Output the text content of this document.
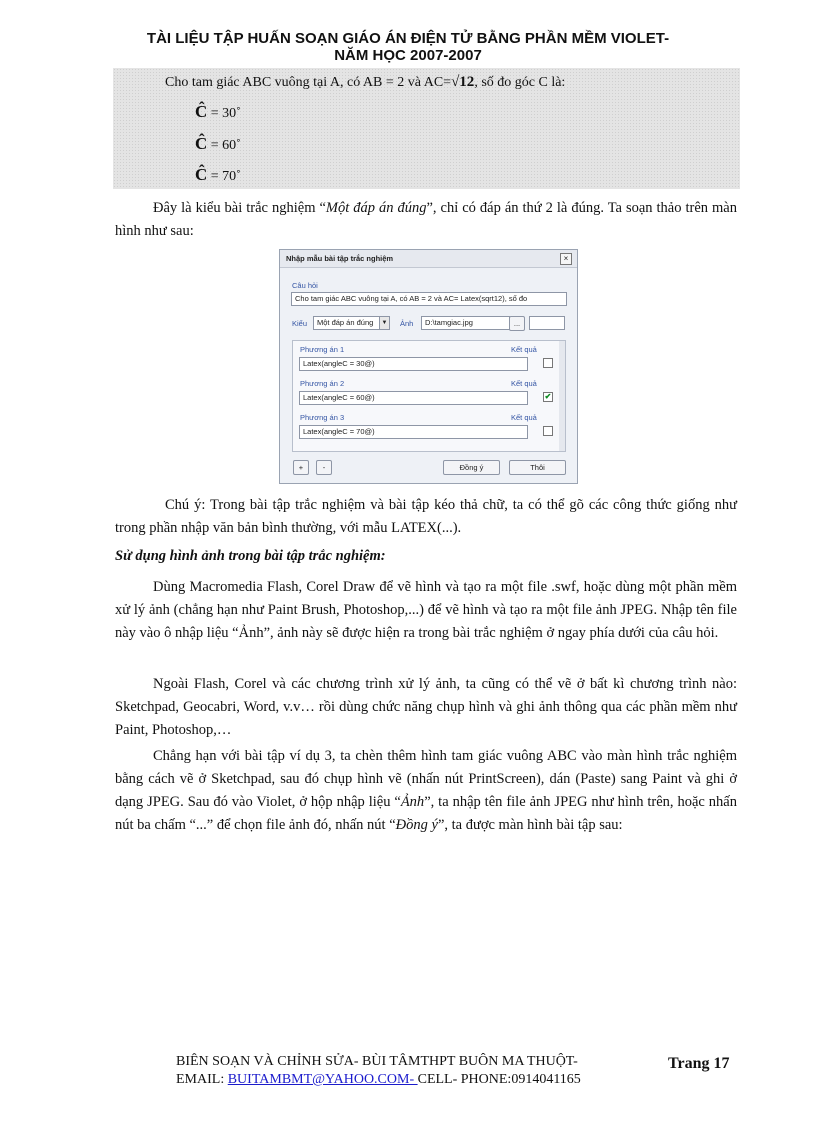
TÀI LIỆU TẬP HUẤN SOẠN GIÁO ÁN ĐIỆN TỬ BẰNG PHẦN MỀM VIOLET-
NĂM HỌC 2007-2007
Cho tam giác ABC vuông tại A, có AB = 2 và AC=√12, số đo góc C là:
Ĉ = 30˚
Ĉ = 60˚
Ĉ = 70˚
Đây là kiểu bài trắc nghiệm “Một đáp án đúng”, chỉ có đáp án thứ 2 là đúng. Ta soạn thảo trên màn hình như sau:
Nhập mẫu bài tập trắc nghiệm	×
Câu hỏi
Cho tam giác ABC vuông tại A, có AB = 2 và AC= Latex(sqrt12), số đo
Kiểu	Một đáp án đúng	▼ Ảnh	D:\tamgiac.jpg	...
Phương án 1	Kết quả
Latex(angleC = 30@)
Phương án 2	Kết quả
Latex(angleC = 60@)	✔
Phương án 3	Kết quả
Latex(angleC = 70@)
+	-	Đồng ý	Thôi
Chú ý: Trong bài tập trắc nghiệm và bài tập kéo thả chữ, ta có thể gõ các công thức giống như trong phần nhập văn bản bình thường, với mẫu LATEX(...).
Sử dụng hình ảnh trong bài tập trắc nghiệm:
Dùng Macromedia Flash, Corel Draw để vẽ hình và tạo ra một file .swf, hoặc dùng một phần mềm xử lý ảnh (chẳng hạn như Paint Brush, Photoshop,...) để vẽ hình và tạo ra một file ảnh JPEG. Nhập tên file này vào ô nhập liệu “Ảnh”, ảnh này sẽ được hiện ra trong bài trắc nghiệm ở ngay phía dưới của câu hỏi.
Ngoài Flash, Corel và các chương trình xử lý ảnh, ta cũng có thể vẽ ở bất kì chương trình nào: Sketchpad, Geocabri, Word, v.v… rồi dùng chức năng chụp hình và ghi ảnh thông qua các phần mềm như Paint, Photoshop,…
Chẳng hạn với bài tập ví dụ 3, ta chèn thêm hình tam giác vuông ABC vào màn hình trắc nghiệm bằng cách vẽ ở Sketchpad, sau đó chụp hình vẽ (nhấn nút PrintScreen), dán (Paste) sang Paint và ghi ở dạng JPEG. Sau đó vào Violet, ở hộp nhập liệu “Ảnh”, ta nhập tên file ảnh JPEG như hình trên, hoặc nhấn nút ba chấm “...” để chọn file ảnh đó, nhấn nút “Đồng ý”, ta được màn hình bài tập sau:
BIÊN SOẠN VÀ CHỈNH SỬA- BÙI TÂMTHPT BUÔN MA THUỘT-
EMAIL: BUITAMBMT@YAHOO.COM- CELL- PHONE:0914041165
Trang 17
